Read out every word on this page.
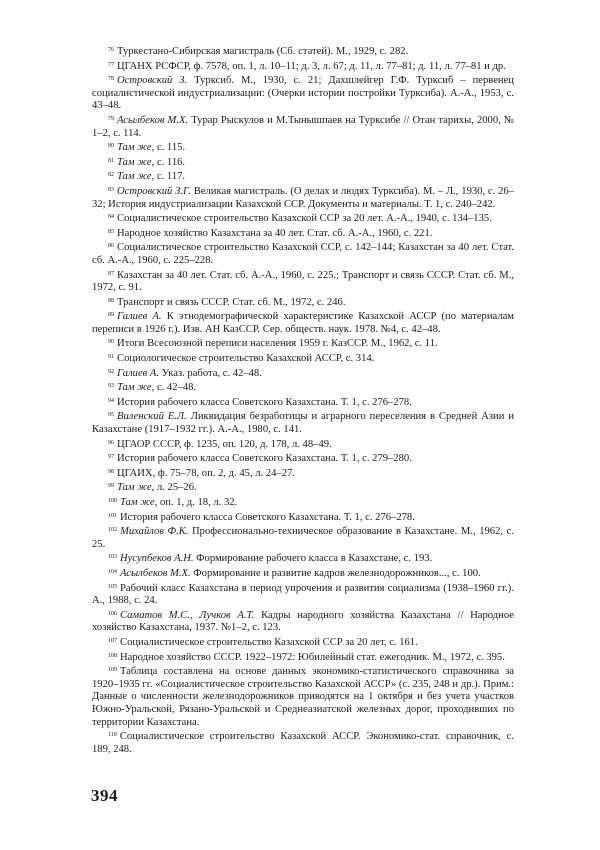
$^{76}$ Туркестано-Сибирская магистраль (Сб. статей). М., 1929, с. 282.

$^{77}$ ЦГАНХ РСФСР, ф. 7578, оп. 1, л. 10–11; д. 3, л. 67; д. 11, л. 77–81; д. 11, л. 77–81 и др.

$^{78}$ Островский З. Турксиб. М., 1930, с. 21; Дахшлейгер Г.Ф. Турксиб – первенец социалистической индустриализации: (Очерки истории постройки Турксиба). А.-А., 1953, с. 43–48.

$^{79}$ Асылбеков М.Х. Турар Рыскулов и М.Тынышпаев на Турксибе // Отан тарихы, 2000, № 1–2, с. 114.

$^{80}$ Там же, с. 115.

$^{81}$ Там же, с. 116.

$^{82}$ Там же, с. 117.

$^{83}$ Островский З.Г. Великая магистраль. (О делах и людях Турксиба). М. – Л., 1930, с. 26–32; История индустриализации Казахской ССР. Документы и материалы. Т. 1, с. 240–242.

$^{84}$ Социалистическое строительство Казахской ССР за 20 лет. А.-А., 1940, с. 134–135.

$^{85}$ Народное хозяйство Казахстана за 40 лет. Стат. сб. А.-А., 1960, с. 221.

$^{86}$ Социалистическое строительство Казахской ССР, с. 142–144; Казахстан за 40 лет. Стат. сб. А.-А., 1960, с. 225–228.

$^{87}$ Казахстан за 40 лет. Стат. сб. А.-А., 1960, с. 225.; Транспорт и связь СССР. Стат. сб. М., 1972, с. 91.

$^{88}$ Транспорт и связь СССР. Стат. сб. М., 1972, с. 246.

$^{89}$ Галиев А. К этнодемографической характеристике Казахской АССР (по материалам переписи в 1926 г.). Изв. АН КазССР. Сер. обществ. наук. 1978. №4, с. 42–48.

$^{90}$ Итоги Всесоюзной переписи населения 1959 г. КазССР. М., 1962, с. 11.

$^{91}$ Социологическое строительство Казахской АССР, с. 314.

$^{92}$ Галиев А. Указ. работа, с. 42–48.

$^{93}$ Там же, с. 42–48.

$^{94}$ История рабочего класса Советского Казахстана. Т. 1, с. 276–278.

$^{95}$ Виленский Е.Л. Ликвидация безработицы и аграрного переселения в Средней Азии и Казахстане (1917–1932 гг.). А.-А., 1980, с. 141.

$^{96}$ ЦГАОР СССР, ф. 1235, оп. 120, д. 178, л. 48–49.

$^{97}$ История рабочего класса Советского Казахстана. Т. 1, с. 279–280.

$^{98}$ ЦГАИХ, ф. 75–78, оп. 2, д. 45, л. 24–27.

$^{99}$ Там же, л. 25–26.

$^{100}$ Там же, оп. 1, д. 18, л. 32.

$^{101}$ История рабочего класса Советского Казахстана. Т. 1, с. 276–278.

$^{102}$ Михайлов Ф.К. Профессионально-техническое образование в Казахстане. М., 1962, с. 25.

$^{103}$ Нусупбеков А.Н. Формирование рабочего класса в Казахстане, с. 193.

$^{104}$ Асылбеков М.Х. Формирование и развитие кадров железнодорожников..., с. 100.

$^{105}$ Рабочий класс Казахстана в период упрочения и развития социализма (1938–1960 гг.). А., 1988, с. 24.

$^{106}$ Саматов М.С., Лучков А.Т. Кадры народного хозяйства Казахстана // Народное хозяйство Казахстана, 1937. №1–2, с. 123.

$^{107}$ Социалистическое строительство Казахской ССР за 20 лет, с. 161.

$^{108}$ Народное хозяйство СССР. 1922–1972: Юбилейный стат. ежегодник. М., 1972, с. 395.

$^{109}$ Таблица составлена на основе данных экономико-статистического справочника за 1920–1935 гг. «Социалистическое строительство Казахской АССР» (с. 235, 248 и др.). Прим.: Данные о численности железнодорожников приводятся на 1 октября и без учета участков Южно-Уральской, Рязано-Уральской и Среднеазиатской железных дорог, проходивших по территории Казахстана.

$^{110}$ Социалистическое строительство Казахской АССР. Экономико-стат. справочник, с. 189, 248.

394
